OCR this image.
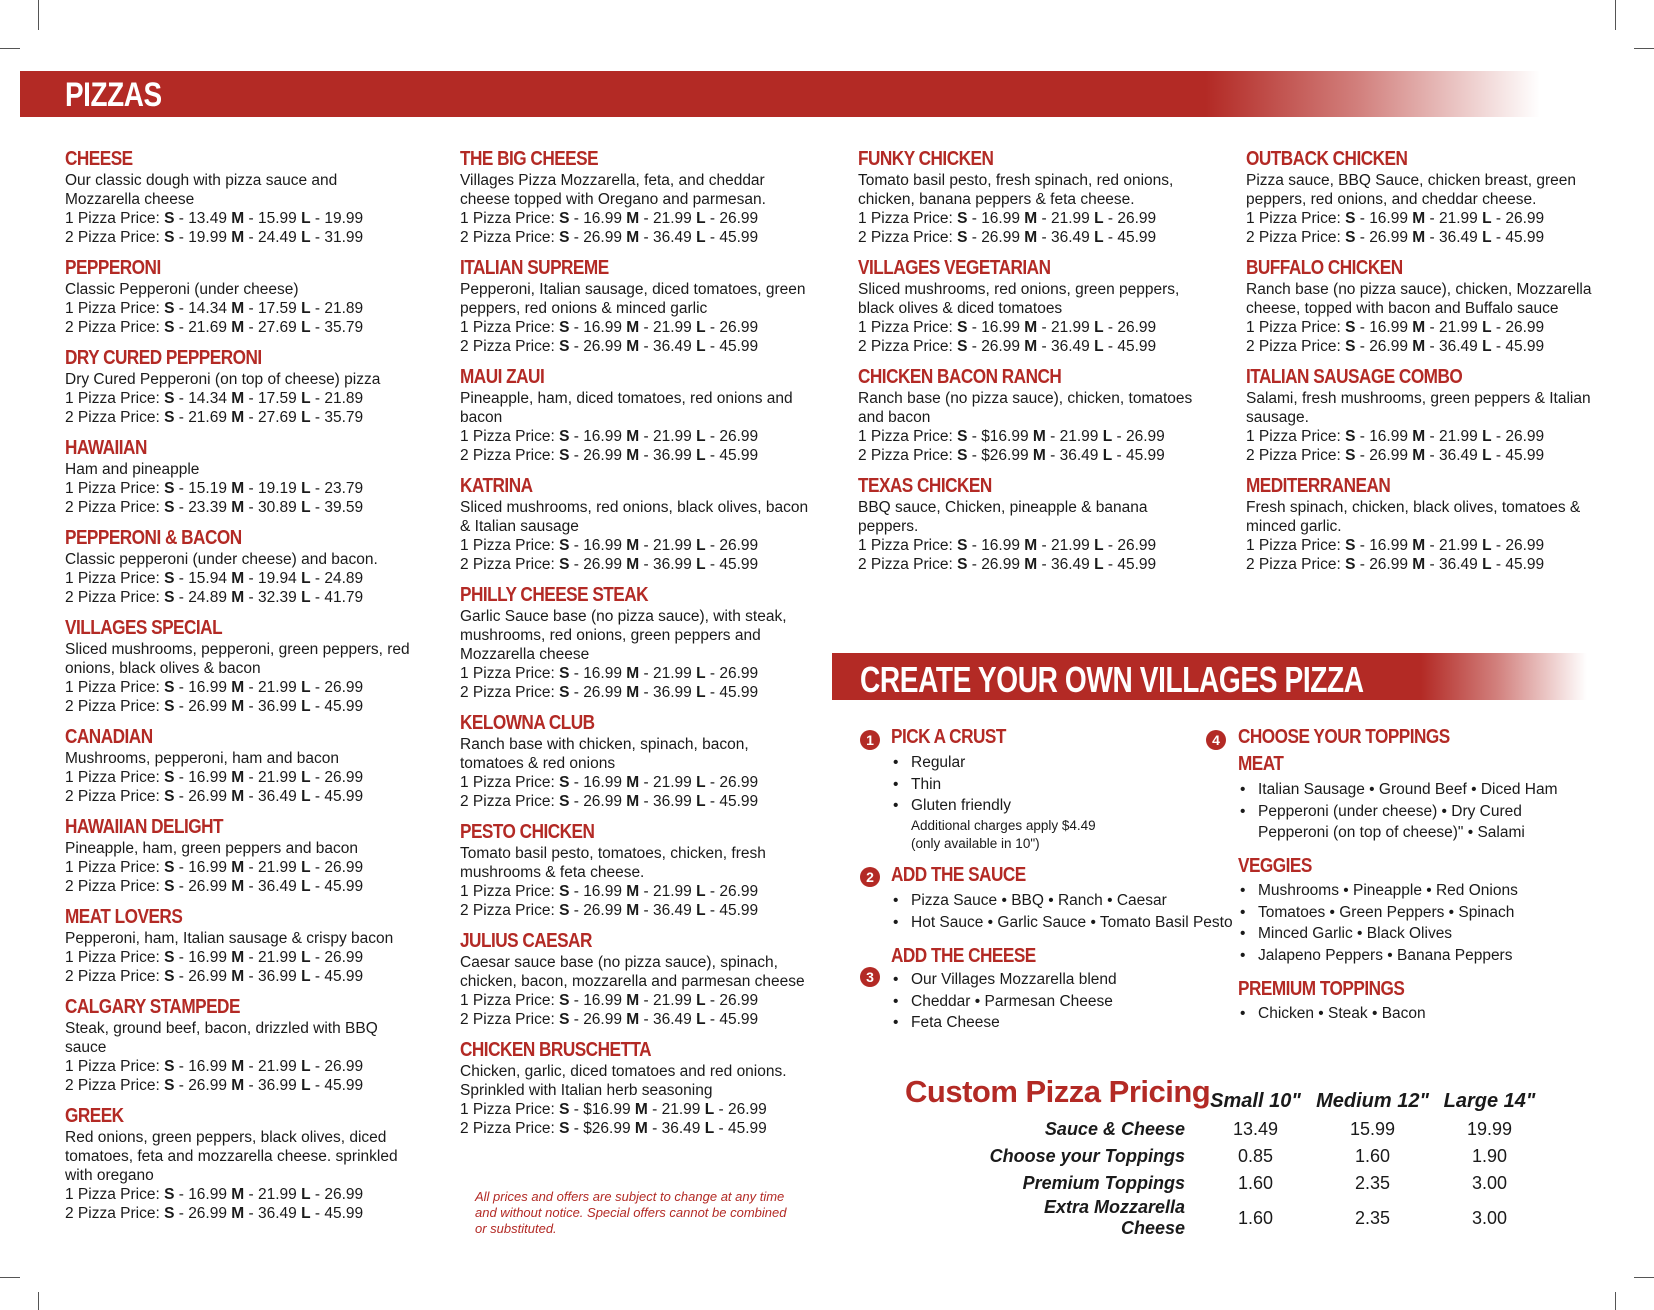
PIZZAS
CHEESE
Our classic dough with pizza sauce and Mozzarella cheese
1 Pizza Price: S - 13.49 M - 15.99 L - 19.99
2 Pizza Price: S - 19.99 M - 24.49 L - 31.99
PEPPERONI
Classic Pepperoni (under cheese)
1 Pizza Price: S - 14.34 M - 17.59 L - 21.89
2 Pizza Price: S - 21.69 M - 27.69 L - 35.79
DRY CURED PEPPERONI
Dry Cured Pepperoni (on top of cheese) pizza
1 Pizza Price: S - 14.34 M - 17.59 L - 21.89
2 Pizza Price: S - 21.69 M - 27.69 L - 35.79
HAWAIIAN
Ham and pineapple
1 Pizza Price: S - 15.19 M - 19.19 L - 23.79
2 Pizza Price: S - 23.39 M - 30.89 L - 39.59
PEPPERONI & BACON
Classic pepperoni (under cheese) and bacon.
1 Pizza Price: S - 15.94 M - 19.94 L - 24.89
2 Pizza Price: S - 24.89 M - 32.39 L - 41.79
VILLAGES SPECIAL
Sliced mushrooms, pepperoni, green peppers, red onions, black olives & bacon
1 Pizza Price: S - 16.99 M - 21.99 L - 26.99
2 Pizza Price: S - 26.99 M - 36.99 L - 45.99
CANADIAN
Mushrooms, pepperoni, ham and bacon
1 Pizza Price: S - 16.99 M - 21.99 L - 26.99
2 Pizza Price: S - 26.99 M - 36.49 L - 45.99
HAWAIIAN DELIGHT
Pineapple, ham, green peppers and bacon
1 Pizza Price: S - 16.99 M - 21.99 L - 26.99
2 Pizza Price: S - 26.99 M - 36.49 L - 45.99
MEAT LOVERS
Pepperoni, ham, Italian sausage & crispy bacon
1 Pizza Price: S - 16.99 M - 21.99 L - 26.99
2 Pizza Price: S - 26.99 M - 36.99 L - 45.99
CALGARY STAMPEDE
Steak, ground beef, bacon, drizzled with BBQ sauce
1 Pizza Price: S - 16.99 M - 21.99 L - 26.99
2 Pizza Price: S - 26.99 M - 36.99 L - 45.99
GREEK
Red onions, green peppers, black olives, diced tomatoes, feta and mozzarella cheese. sprinkled with oregano
1 Pizza Price: S - 16.99 M - 21.99 L - 26.99
2 Pizza Price: S - 26.99 M - 36.49 L - 45.99
THE BIG CHEESE
Villages Pizza Mozzarella, feta, and cheddar cheese topped with Oregano and parmesan.
1 Pizza Price: S - 16.99 M - 21.99 L - 26.99
2 Pizza Price: S - 26.99 M - 36.49 L - 45.99
ITALIAN SUPREME
Pepperoni, Italian sausage, diced tomatoes, green peppers, red onions & minced garlic
1 Pizza Price: S - 16.99 M - 21.99 L - 26.99
2 Pizza Price: S - 26.99 M - 36.49 L - 45.99
MAUI ZAUI
Pineapple, ham, diced tomatoes, red onions and bacon
1 Pizza Price: S - 16.99 M - 21.99 L - 26.99
2 Pizza Price: S - 26.99 M - 36.99 L - 45.99
KATRINA
Sliced mushrooms, red onions, black olives, bacon & Italian sausage
1 Pizza Price: S - 16.99 M - 21.99 L - 26.99
2 Pizza Price: S - 26.99 M - 36.99 L - 45.99
PHILLY CHEESE STEAK
Garlic Sauce base (no pizza sauce), with steak, mushrooms, red onions, green peppers and Mozzarella cheese
1 Pizza Price: S - 16.99 M - 21.99 L - 26.99
2 Pizza Price: S - 26.99 M - 36.99 L - 45.99
KELOWNA CLUB
Ranch base with chicken, spinach, bacon, tomatoes & red onions
1 Pizza Price: S - 16.99 M - 21.99 L - 26.99
2 Pizza Price: S - 26.99 M - 36.99 L - 45.99
PESTO CHICKEN
Tomato basil pesto, tomatoes, chicken, fresh mushrooms & feta cheese.
1 Pizza Price: S - 16.99 M - 21.99 L - 26.99
2 Pizza Price: S - 26.99 M - 36.49 L - 45.99
JULIUS CAESAR
Caesar sauce base (no pizza sauce), spinach, chicken, bacon, mozzarella and parmesan cheese
1 Pizza Price: S - 16.99 M - 21.99 L - 26.99
2 Pizza Price: S - 26.99 M - 36.49 L - 45.99
CHICKEN BRUSCHETTA
Chicken, garlic, diced tomatoes and red onions. Sprinkled with Italian herb seasoning
1 Pizza Price: S - $16.99 M - 21.99 L - 26.99
2 Pizza Price: S - $26.99 M - 36.49 L - 45.99
FUNKY CHICKEN
Tomato basil pesto, fresh spinach, red onions, chicken, banana peppers & feta cheese.
1 Pizza Price: S - 16.99 M - 21.99 L - 26.99
2 Pizza Price: S - 26.99 M - 36.49 L - 45.99
VILLAGES VEGETARIAN
Sliced mushrooms, red onions, green peppers, black olives & diced tomatoes
1 Pizza Price: S - 16.99 M - 21.99 L - 26.99
2 Pizza Price: S - 26.99 M - 36.49 L - 45.99
CHICKEN BACON RANCH
Ranch base (no pizza sauce), chicken, tomatoes and bacon
1 Pizza Price: S - $16.99 M - 21.99 L - 26.99
2 Pizza Price: S - $26.99 M - 36.49 L - 45.99
TEXAS CHICKEN
BBQ sauce, Chicken, pineapple & banana peppers.
1 Pizza Price: S - 16.99 M - 21.99 L - 26.99
2 Pizza Price: S - 26.99 M - 36.49 L - 45.99
OUTBACK CHICKEN
Pizza sauce, BBQ Sauce, chicken breast, green peppers, red onions, and cheddar cheese.
1 Pizza Price: S - 16.99 M - 21.99 L - 26.99
2 Pizza Price: S - 26.99 M - 36.49 L - 45.99
BUFFALO CHICKEN
Ranch base (no pizza sauce), chicken, Mozzarella cheese, topped with bacon and Buffalo sauce
1 Pizza Price: S - 16.99 M - 21.99 L - 26.99
2 Pizza Price: S - 26.99 M - 36.49 L - 45.99
ITALIAN SAUSAGE COMBO
Salami, fresh mushrooms, green peppers & Italian sausage.
1 Pizza Price: S - 16.99 M - 21.99 L - 26.99
2 Pizza Price: S - 26.99 M - 36.49 L - 45.99
MEDITERRANEAN
Fresh spinach, chicken, black olives, tomatoes & minced garlic.
1 Pizza Price: S - 16.99 M - 21.99 L - 26.99
2 Pizza Price: S - 26.99 M - 36.49 L - 45.99
All prices and offers are subject to change at any time and without notice. Special offers cannot be combined or substituted.
CREATE YOUR OWN VILLAGES PIZZA
1 PICK A CRUST
• Regular
• Thin
• Gluten friendly
Additional charges apply $4.49
(only available in 10")
2 ADD THE SAUCE
• Pizza Sauce • BBQ • Ranch • Caesar
• Hot Sauce • Garlic Sauce • Tomato Basil Pesto
ADD THE CHEESE
3	• Our Villages Mozzarella blend
• Cheddar • Parmesan Cheese
• Feta Cheese
4 CHOOSE YOUR TOPPINGS
MEAT
• Italian Sausage • Ground Beef • Diced Ham
• Pepperoni (under cheese) • Dry Cured Pepperoni (on top of cheese)" • Salami
VEGGIES
• Mushrooms • Pineapple • Red Onions
• Tomatoes • Green Peppers • Spinach
• Minced Garlic • Black Olives
• Jalapeno Peppers • Banana Peppers
PREMIUM TOPPINGS
• Chicken • Steak • Bacon
Custom Pizza Pricing
	Small 10"	Medium 12"	Large 14"
Sauce & Cheese	13.49	15.99	19.99
Choose your Toppings	0.85	1.60	1.90
Premium Toppings	1.60	2.35	3.00
Extra Mozzarella Cheese	1.60	2.35	3.00
